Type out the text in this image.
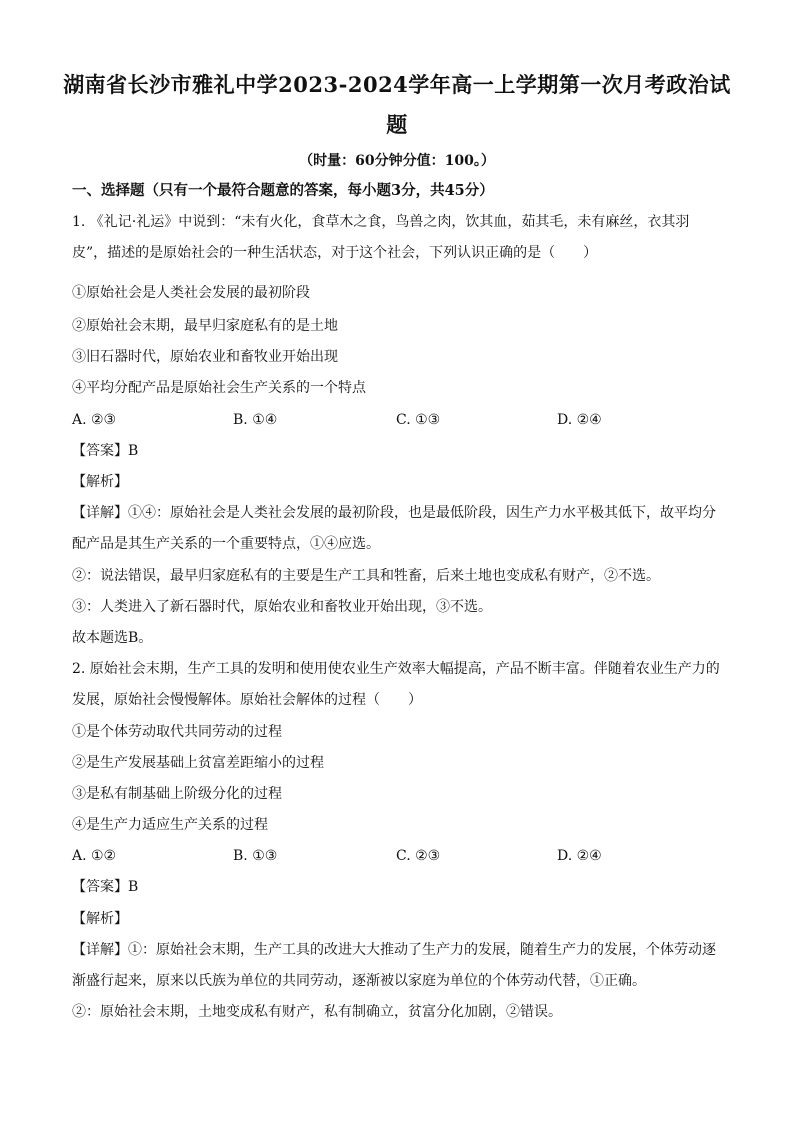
湖南省长沙市雅礼中学2023-2024学年高一上学期第一次月考政治试
题
（时量：60分钟分值：100。）
一、选择题（只有一个最符合题意的答案，每小题3分，共45分）
1. 《礼记·礼运》中说到：“未有火化，食草木之食，鸟兽之肉，饮其血，茹其毛，未有麻丝，衣其羽
皮”，描述的是原始社会的一种生活状态，对于这个社会，下列认识正确的是（　　）
①原始社会是人类社会发展的最初阶段
②原始社会末期，最早归家庭私有的是土地
③旧石器时代，原始农业和畜牧业开始出现
④平均分配产品是原始社会生产关系的一个特点
A. ②③	B. ①④	C. ①③	D. ②④
【答案】B
【解析】
【详解】①④：原始社会是人类社会发展的最初阶段，也是最低阶段，因生产力水平极其低下，故平均分
配产品是其生产关系的一个重要特点，①④应选。
②：说法错误，最早归家庭私有的主要是生产工具和牲畜，后来土地也变成私有财产，②不选。
③：人类进入了新石器时代，原始农业和畜牧业开始出现，③不选。
故本题选B。
2. 原始社会末期，生产工具的发明和使用使农业生产效率大幅提高，产品不断丰富。伴随着农业生产力的
发展，原始社会慢慢解体。原始社会解体的过程（　　）
①是个体劳动取代共同劳动的过程
②是生产发展基础上贫富差距缩小的过程
③是私有制基础上阶级分化的过程
④是生产力适应生产关系的过程
A. ①②	B. ①③	C. ②③	D. ②④
【答案】B
【解析】
【详解】①：原始社会末期，生产工具的改进大大推动了生产力的发展，随着生产力的发展，个体劳动逐
渐盛行起来，原来以氏族为单位的共同劳动，逐渐被以家庭为单位的个体劳动代替，①正确。
②：原始社会末期，土地变成私有财产，私有制确立，贫富分化加剧，②错误。
